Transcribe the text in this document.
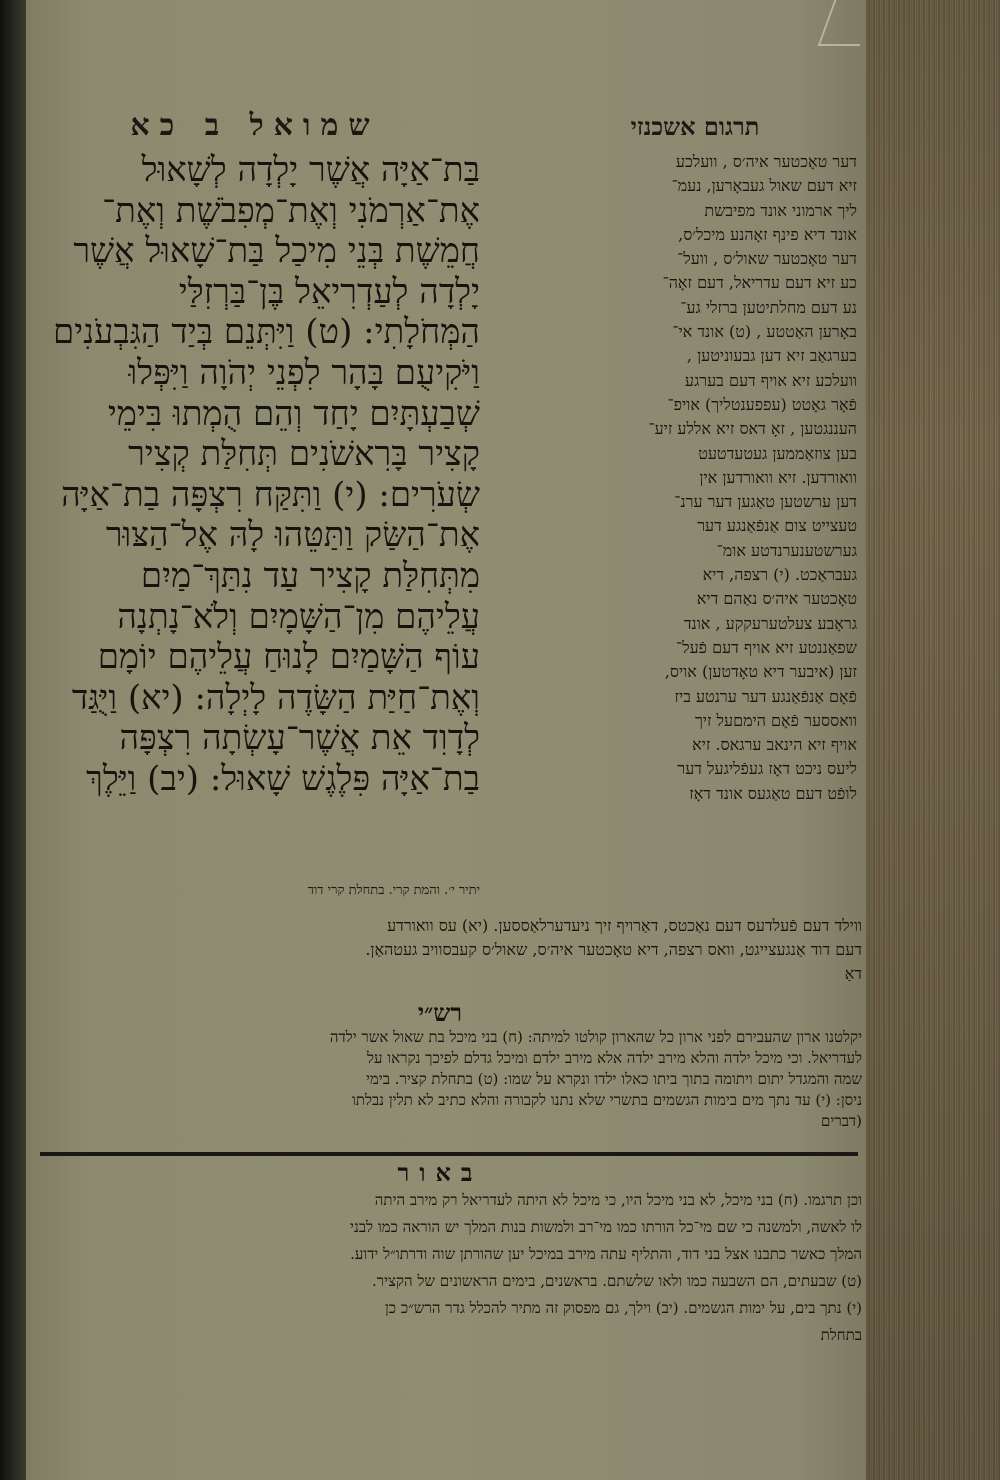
שמואל ב כא	תרגום אשכנזי
בַּת־אַיָּה אֲשֶׁר יָלְדָה לְשָׁאוּל
אֶת־אַרְמֹנִי וְאֶת־מְפִבֹשֶׁת וְאֶת־
חֲמֵשֶׁת בְּנֵי מִיכַל בַּת־שָׁאוּל אֲשֶׁר
יָלְדָה לְעַדְרִיאֵל בֶּן־בַּרְזִלַּי
הַמְּחֹלָתִי: (ט) וַיִּתְּנֵם בְּיַד הַגִּבְעֹנִים
וַיֹּקִיעֻם בָּהָר לִפְנֵי יְהֹוָה וַיִּפְּלוּ
שְׁבַעְתָּיִם יָחַד וְהֵם הֻמְתוּ בִּימֵי
קָצִיר בָּרִאשֹׁנִים תְּחִלַּת קְצִיר
שְׂעֹרִים: (י) וַתִּקַּח רִצְפָּה בַת־אַיָּה
אֶת־הַשַּׂק וַתַּטֵּהוּ לָהּ אֶל־הַצּוּר
מִתְּחִלַּת קָצִיר עַד נִתַּךְ־מַיִם
עֲלֵיהֶם מִן־הַשָּׁמָיִם וְלֹא־נָתְנָה
עוֹף הַשָּׁמַיִם לָנוּחַ עֲלֵיהֶם יוֹמָם
וְאֶת־חַיַּת הַשָּׂדֶה לָיְלָה: (יא) וַיֻּגַּד
לְדָוִד אֵת אֲשֶׁר־עָשְׂתָה רִצְפָּה
בַת־אַיָּה פִּלֶגֶשׁ שָׁאוּל: (יב) וַיֵּלֶךְ
יתיר י׳. והמת קרי. בתחלת קרי דוד
דער טאָכטער איה׳ס , וועלכע
זיא דעם שאול געבאָרען, נעמ־
ליך ארמוני אונד מפיבשת
אונד דיא פינף זאָהנע מיכל׳ס,
דער טאָכטער שאול׳ס , וועל־
כע זיא דעם עדריאל, דעם זאָה־
נע דעם מחלתיטען ברזלי גע־
באָרען האַטטע , (ט) אונד אי־
בערגאַב זיא דען גבעוניטען ,
וועלכע זיא אויף דעם בערגע
פֿאָר גאָטט (עפפענטליך) אויפ־
העננגטען , זאָ דאס זיא אללע זיע־
בען צוזאַממען געטעדטעט
וואורדען. זיא וואורדען אין
דען ערשטען טאַגען דער ערנ־
טעצייט צום אַנפֿאַנגע דער
גערשטענערנדטע אומ־
געבראַכט. (י) רצפה, דיא
טאָכטער איה׳ס נאַהם דיא
גראָבע צעלטערעקקע , אונד
שפאַננטע זיא אויף דעם פֿעל־
זען (איבער דיא טאָדטען) אויס,
פֿאָם אַנפֿאַנגע דער ערנטע ביז
וואססער פֿאָם הימםעל זיך
אויף זיא הינאב ערגאס. זיא
ליעס ניכט דאָז געפֿליגעל דער
לופֿט דעם טאַגעס אונד דאָז
ווילד דעם פֿעלדעס דעם נאַכטס, דאַרויף זיך ניעדערלאַססען. (יא) עס וואורדע
דעם דוד אַנגעצייגט, וואס רצפה, דיא טאָכטער איה׳ס, שאול׳ס קעבסוויב געטהאַן.
דאַ
רש״י
יקלטנו ארון שהעבירם לפני ארון כל שהארון קולטו למיתה: (ח) בני מיכל בת שאול אשר ילדה
לעדריאל. וכי מיכל ילדה והלא מירב ילדה אלא מירב ילדם ומיכל גדלם לפיכך נקראו על
שמה והמגדל יתום ויתומה בתוך ביתו כאלו ילדו ונקרא על שמו: (ט) בתחלת קציר. בימי
ניסן: (י) עד נתך מים בימות הגשמים בתשרי שלא נתנו לקבורה והלא כתיב לא תלין נבלתו
(דברים
באור
וכן תרגמו. (ח) בני מיכל, לא בני מיכל היו, כי מיכל לא היתה לעדריאל רק מירב היתה
לו לאשה, ולמשנה כי שם מי־כל הורתו כמו מי־רב ולמשות בנות המלך יש הוראה כמו לבני
המלך כאשר כתבנו אצל בני דוד, והתליף עתה מירב במיכל יען שהורתן שוה ודרתו״ל ידוע.
(ט) שבעתים, הם השבעה כמו ולאו שלשתם. בראשנים, בימים הראשונים של הקציר.
(י) נתך בים, על ימות הגשמים. (יב) וילך, גם מפסוק זה מתיר להכלל גדר הרש״כ כן
בתחלת
